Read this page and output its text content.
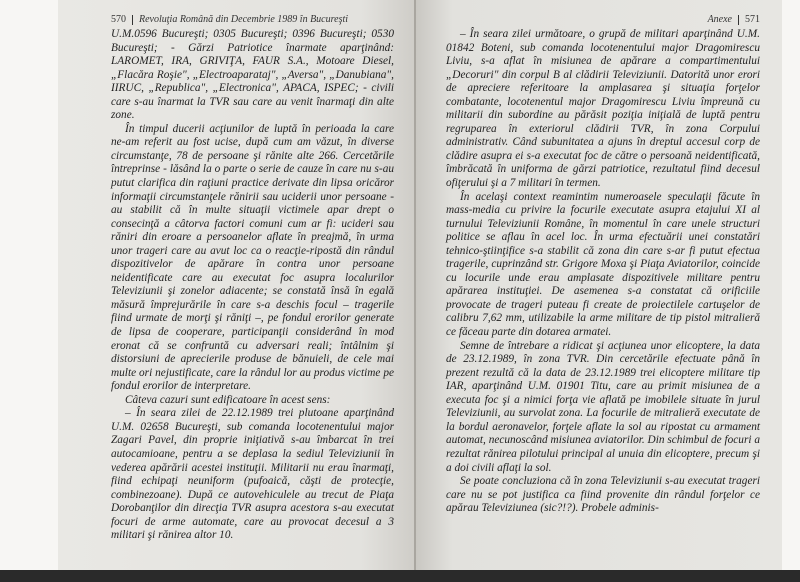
570 Revoluţia Română din Decembrie 1989 în Bucureşti

U.M.0596 Bucureşti; 0305 Bucureşti; 0396 Bucureşti; 0530 Bucureşti; - Gărzi Patriotice înarmate aparţinând: LAROMET, IRA, GRIVIŢA, FAUR S.A., Motoare Diesel, „Flacăra Roşie", „Electroaparataj", „Aversa", „Danubiana", IIRUC, „Republica", „Electronica", APACA, ISPEC; - civili care s-au înarmat la TVR sau care au venit înarmaţi din alte zone.

În timpul ducerii acţiunilor de luptă în perioada la care ne-am referit au fost ucise, după cum am văzut, în diverse circumstanţe, 78 de persoane şi rănite alte 266. Cercetările întreprinse - lăsând la o parte o serie de cauze în care nu s-au putut clarifica din raţiuni practice derivate din lipsa oricăror informaţii circumstanţele rănirii sau uciderii unor persoane - au stabilit că în multe situaţii victimele apar drept o consecinţă a câtorva factori comuni cum ar fi: ucideri sau răniri din eroare a persoanelor aflate în preajmă, în urma unor trageri care au avut loc ca o reacţie-ripostă din rândul dispozitivelor de apărare în contra unor persoane neidentificate care au executat foc asupra localurilor Televiziunii şi zonelor adiacente; se constată însă în egală măsură împrejurările în care s-a deschis focul – tragerile fiind urmate de morţi şi răniţi –, pe fondul erorilor generate de lipsa de cooperare, participanţii considerând în mod eronat că se confruntă cu adversari reali; întâlnim şi distorsiuni de aprecierile produse de bănuieli, de cele mai multe ori nejustificate, care la rândul lor au produs victime pe fondul erorilor de interpretare.

Câteva cazuri sunt edificatoare în acest sens:

– În seara zilei de 22.12.1989 trei plutoane aparţinând U.M. 02658 Bucureşti, sub comanda locotenentului major Zagari Pavel, din proprie iniţiativă s-au îmbarcat în trei autocamioane, pentru a se deplasa la sediul Televiziunii în vederea apărării acestei instituţii. Militarii nu erau înarmaţi, fiind echipaţi neuniform (pufoaică, căşti de protecţie, combinezoane). După ce autovehiculele au trecut de Piaţa Dorobanţilor din direcţia TVR asupra acestora s-au executat focuri de arme automate, care au provocat decesul a 3 militari şi rănirea altor 10.

Anexe 571

– În seara zilei următoare, o grupă de militari aparţinând U.M. 01842 Boteni, sub comanda locotenentului major Dragomirescu Liviu, s-a aflat în misiunea de apărare a compartimentului „Decoruri" din corpul B al clădirii Televiziunii. Datorită unor erori de apreciere referitoare la amplasarea şi situaţia forţelor combatante, locotenentul major Dragomirescu Liviu împreună cu militarii din subordine au părăsit poziţia iniţială de luptă pentru regruparea în exteriorul clădirii TVR, în zona Corpului administrativ. Când subunitatea a ajuns în dreptul accesul corp de clădire asupra ei s-a executat foc de către o persoană neidentificată, îmbrăcată în uniforma de gărzi patriotice, rezultatul fiind decesul ofiţerului şi a 7 militari în termen.

În acelaşi context reamintim numeroasele speculaţii făcute în mass-media cu privire la focurile executate asupra etajului XI al turnului Televiziunii Române, în momentul în care unele structuri politice se aflau în acel loc. În urma efectuării unei constatări tehnico-ştiinţifice s-a stabilit că zona din care s-ar fi putut efectua tragerile, cuprinzând str. Grigore Moxa şi Piaţa Aviatorilor, coincide cu locurile unde erau amplasate dispozitivele militare pentru apărarea instituţiei. De asemenea s-a constatat că orificiile provocate de trageri puteau fi create de proiectilele cartuşelor de calibru 7,62 mm, utilizabile la arme militare de tip pistol mitralieră ce făceau parte din dotarea armatei.

Semne de întrebare a ridicat şi acţiunea unor elicoptere, la data de 23.12.1989, în zona TVR. Din cercetările efectuate până în prezent rezultă că la data de 23.12.1989 trei elicoptere militare tip IAR, aparţinând U.M. 01901 Titu, care au primit misiunea de a executa foc şi a nimici forţa vie aflată pe imobilele situate în jurul Televiziunii, au survolat zona. La focurile de mitralieră executate de la bordul aeronavelor, forţele aflate la sol au ripostat cu armament automat, necunoscând misiunea aviatorilor. Din schimbul de focuri a rezultat rănirea pilotului principal al unuia din elicoptere, precum şi a doi civili aflaţi la sol.

Se poate concluziona că în zona Televiziunii s-au executat trageri care nu se pot justifica ca fiind provenite din rândul forţelor ce apărau Televiziunea (sic?!?). Probele adminis-
